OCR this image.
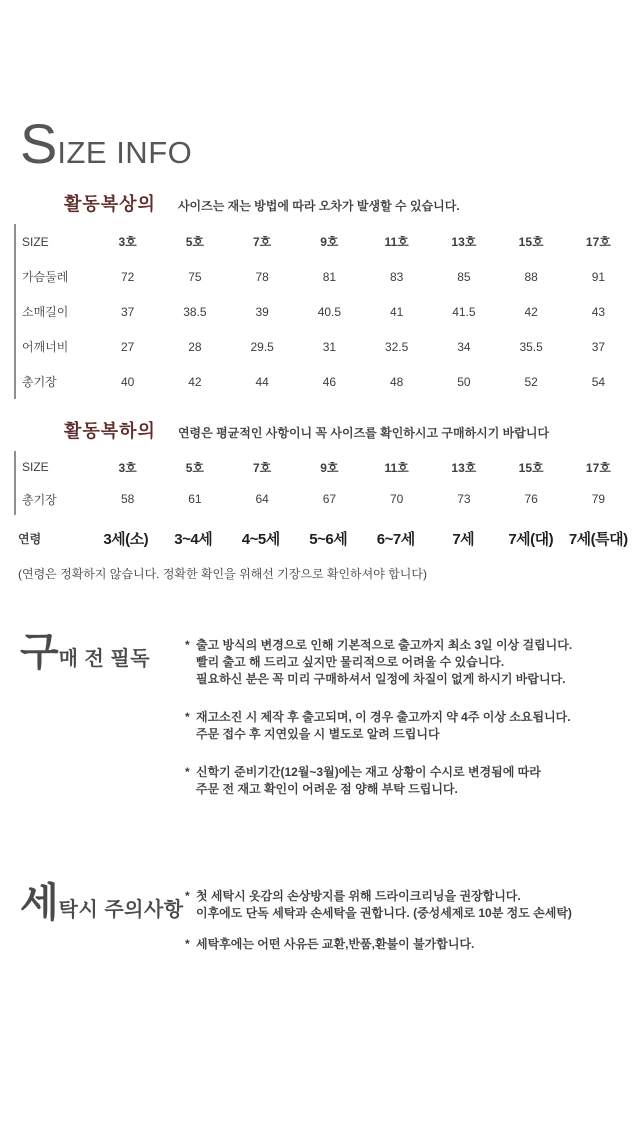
SIZE INFO
활동복상의 사이즈는 재는 방법에 따라 오차가 발생할 수 있습니다.

SIZE	3호	5호	7호	9호	11호	13호	15호	17호
가슴둘레	72	75	78	81	83	85	88	91
소매길이	37	38.5	39	40.5	41	41.5	42	43
어깨너비	27	28	29.5	31	32.5	34	35.5	37
총기장	40	42	44	46	48	50	52	54
활동복하의 연령은 평균적인 사항이니 꼭 사이즈를 확인하시고 구매하시기 바랍니다

SIZE	3호	5호	7호	9호	11호	13호	15호	17호
총기장	58	61	64	67	70	73	76	79
연령	3세(소)	3~4세	4~5세	5~6세	6~7세	7세	7세(대)	7세(특대)

(연령은 정확하지 않습니다. 정확한 확인을 위해선 기장으로 확인하셔야 합니다)

구 매 전 필독
* 출고 방식의 변경으로 인해 기본적으로 출고까지 최소 3일 이상 걸립니다.
빨리 출고 해 드리고 싶지만 물리적으로 어려울 수 있습니다.
필요하신 분은 꼭 미리 구매하셔서 일정에 차질이 없게 하시기 바랍니다.
* 재고소진 시 제작 후 출고되며, 이 경우 출고까지 약 4주 이상 소요됩니다.
주문 접수 후 지연있을 시 별도로 알려 드립니다
* 신학기 준비기간(12월~3월)에는 재고 상황이 수시로 변경됨에 따라
주문 전 재고 확인이 어려운 점 양해 부탁 드립니다.
세 탁시 주의사항
* 첫 세탁시 옷감의 손상방지를 위해 드라이크리닝을 권장합니다.
이후에도 단독 세탁과 손세탁을 권합니다. (중성세제로 10분 정도 손세탁)
* 세탁후에는 어떤 사유든 교환,반품,환불이 불가합니다.
